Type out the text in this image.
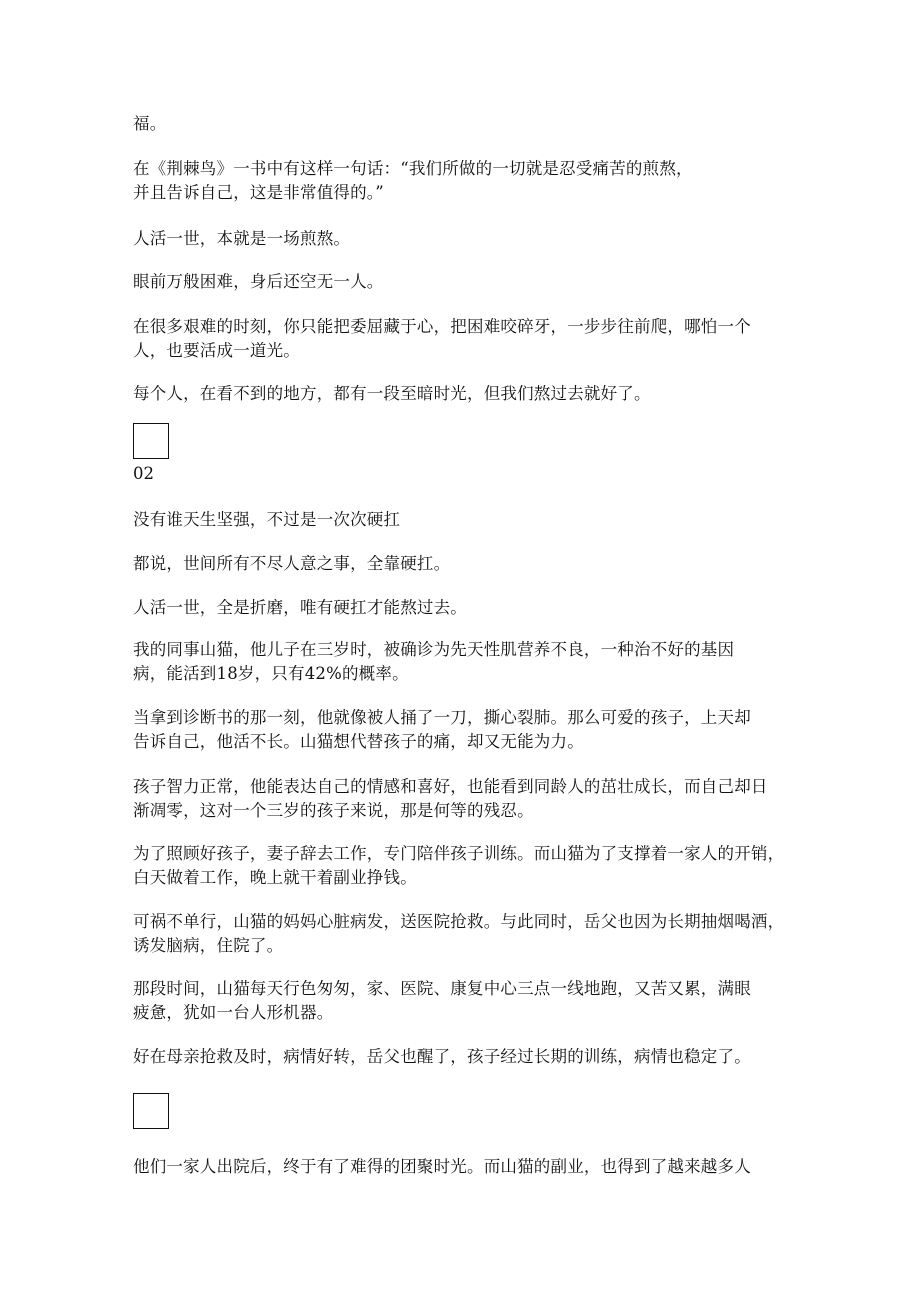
福。

在《荆棘鸟》一书中有这样一句话：“我们所做的一切就是忍受痛苦的煎熬，
并且告诉自己，这是非常值得的。”

人活一世，本就是一场煎熬。

眼前万般困难，身后还空无一人。

在很多艰难的时刻，你只能把委屈藏于心，把困难咬碎牙，一步步往前爬，哪怕一个
人，也要活成一道光。

每个人，在看不到的地方，都有一段至暗时光，但我们熬过去就好了。

02

没有谁天生坚强，不过是一次次硬扛

都说，世间所有不尽人意之事，全靠硬扛。

人活一世，全是折磨，唯有硬扛才能熬过去。

我的同事山猫，他儿子在三岁时，被确诊为先天性肌营养不良，一种治不好的基因
病，能活到18岁，只有42%的概率。

当拿到诊断书的那一刻，他就像被人捅了一刀，撕心裂肺。那么可爱的孩子，上天却
告诉自己，他活不长。山猫想代替孩子的痛，却又无能为力。

孩子智力正常，他能表达自己的情感和喜好，也能看到同龄人的茁壮成长，而自己却日
渐凋零，这对一个三岁的孩子来说，那是何等的残忍。

为了照顾好孩子，妻子辞去工作，专门陪伴孩子训练。而山猫为了支撑着一家人的开销，
白天做着工作，晚上就干着副业挣钱。

可祸不单行，山猫的妈妈心脏病发，送医院抢救。与此同时，岳父也因为长期抽烟喝酒，
诱发脑病，住院了。

那段时间，山猫每天行色匆匆，家、医院、康复中心三点一线地跑，又苦又累，满眼
疲惫，犹如一台人形机器。

好在母亲抢救及时，病情好转，岳父也醒了，孩子经过长期的训练，病情也稳定了。

他们一家人出院后，终于有了难得的团聚时光。而山猫的副业，也得到了越来越多人
